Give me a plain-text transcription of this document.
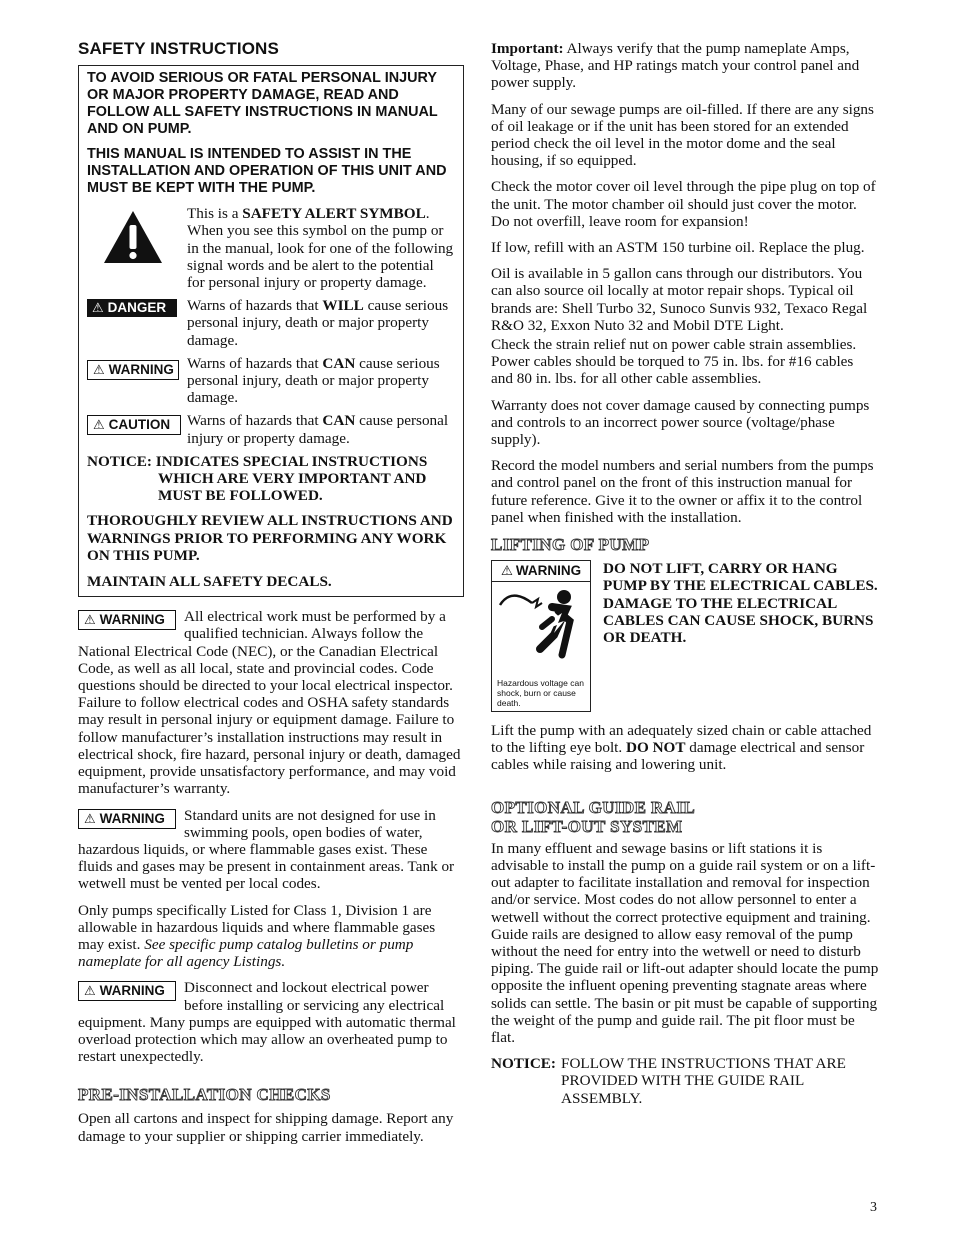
SAFETY INSTRUCTIONS

TO AVOID SERIOUS OR FATAL PERSONAL INJURY OR MAJOR PROPERTY DAMAGE, READ AND FOLLOW ALL SAFETY INSTRUCTIONS IN MANUAL AND ON PUMP.

THIS MANUAL IS INTENDED TO ASSIST IN THE INSTALLATION AND OPERATION OF THIS UNIT AND MUST BE KEPT WITH THE PUMP.

This is a SAFETY ALERT SYMBOL. When you see this symbol on the pump or in the manual, look for one of the following signal words and be alert to the potential for personal injury or property damage.
⚠ DANGER Warns of hazards that WILL cause serious personal injury, death or major property damage.
⚠ WARNING Warns of hazards that CAN cause serious personal injury, death or major property damage.
⚠ CAUTION Warns of hazards that CAN cause personal injury or property damage.
NOTICE: INDICATES SPECIAL INSTRUCTIONS
WHICH ARE VERY IMPORTANT AND MUST BE FOLLOWED.

THOROUGHLY REVIEW ALL INSTRUCTIONS AND WARNINGS PRIOR TO PERFORMING ANY WORK ON THIS PUMP.

MAINTAIN ALL SAFETY DECALS.

⚠ WARNING All electrical work must be performed by a qualified technician. Always follow the National Electrical Code (NEC), or the Canadian Electrical Code, as well as all local, state and provincial codes. Code questions should be directed to your local electrical inspector. Failure to follow electrical codes and OSHA safety standards may result in personal injury or equipment damage. Failure to follow manufacturer’s installation instructions may result in electrical shock, fire hazard, personal injury or death, damaged equipment, provide unsatisfactory performance, and may void manufacturer’s warranty.

⚠ WARNING Standard units are not designed for use in swimming pools, open bodies of water, hazardous liquids, or where flammable gases exist. These fluids and gases may be present in containment areas. Tank or wetwell must be vented per local codes.

Only pumps specifically Listed for Class 1, Division 1 are allowable in hazardous liquids and where flammable gases may exist. See specific pump catalog bulletins or pump nameplate for all agency Listings.

⚠ WARNING Disconnect and lockout electrical power before installing or servicing any electrical equipment. Many pumps are equipped with automatic thermal overload protection which may allow an overheated pump to restart unexpectedly.

PRE-INSTALLATION CHECKS

Open all cartons and inspect for shipping damage. Report any damage to your supplier or shipping carrier immediately.

Important: Always verify that the pump nameplate Amps, Voltage, Phase, and HP ratings match your control panel and power supply.

Many of our sewage pumps are oil-filled. If there are any signs of oil leakage or if the unit has been stored for an extended period check the oil level in the motor dome and the seal housing, if so equipped.

Check the motor cover oil level through the pipe plug on top of the unit. The motor chamber oil should just cover the motor. Do not overfill, leave room for expansion!

If low, refill with an ASTM 150 turbine oil. Replace the plug.

Oil is available in 5 gallon cans through our distributors. You can also source oil locally at motor repair shops. Typical oil brands are: Shell Turbo 32, Sunoco Sunvis 932, Texaco Regal R&O 32, Exxon Nuto 32 and Mobil DTE Light.

Check the strain relief nut on power cable strain assemblies. Power cables should be torqued to 75 in. lbs. for #16 cables and 80 in. lbs. for all other cable assemblies.

Warranty does not cover damage caused by connecting pumps and controls to an incorrect power source (voltage/phase supply).

Record the model numbers and serial numbers from the pumps and control panel on the front of this instruction manual for future reference. Give it to the owner or affix it to the control panel when finished with the installation.

LIFTING OF PUMP
⚠ WARNING
Hazardous voltage can shock, burn or cause death.
DO NOT LIFT, CARRY OR HANG PUMP BY THE ELECTRICAL CABLES. DAMAGE TO THE ELECTRICAL CABLES CAN CAUSE SHOCK, BURNS OR DEATH.

Lift the pump with an adequately sized chain or cable attached to the lifting eye bolt. DO NOT damage electrical and sensor cables while raising and lowering unit.

OPTIONAL GUIDE RAIL
OR LIFT-OUT SYSTEM

In many effluent and sewage basins or lift stations it is advisable to install the pump on a guide rail system or on a lift-out adapter to facilitate installation and removal for inspection and/or service. Most codes do not allow personnel to enter a wetwell without the correct protective equipment and training. Guide rails are designed to allow easy removal of the pump without the need for entry into the wetwell or need to disturb piping. The guide rail or lift-out adapter should locate the pump opposite the influent opening preventing stagnate areas where solids can settle. The basin or pit must be capable of supporting the weight of the pump and guide rail. The pit floor must be flat.

NOTICE: FOLLOW THE INSTRUCTIONS THAT ARE PROVIDED WITH THE GUIDE RAIL ASSEMBLY.
3
